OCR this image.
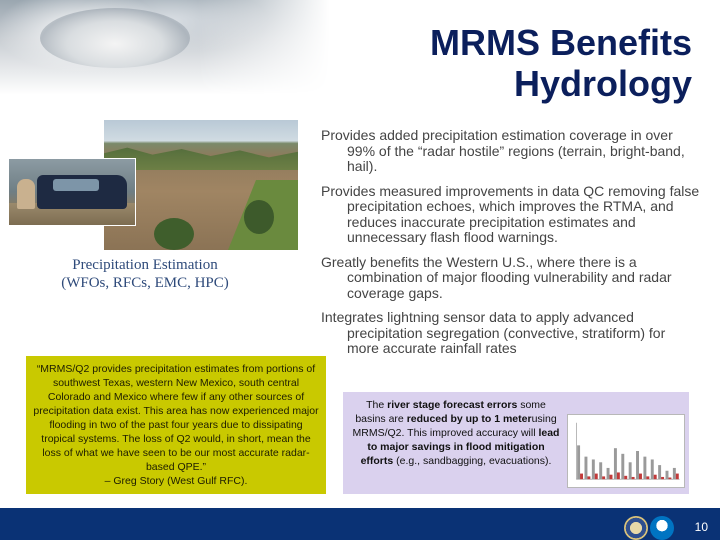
MRMS Benefits
Hydrology
Precipitation Estimation
(WFOs, RFCs, EMC, HPC)
Provides added precipitation estimation coverage in over 99% of the “radar hostile” regions (terrain, bright-band, hail).
Provides measured improvements in data QC removing false precipitation echoes, which improves the RTMA, and reduces inaccurate precipitation estimates and unnecessary flash flood warnings.
Greatly benefits the Western U.S., where there is a combination of major flooding vulnerability and radar coverage gaps.
Integrates lightning sensor data to apply advanced precipitation segregation (convective, stratiform) for more accurate rainfall rates
“MRMS/Q2 provides precipitation estimates from portions of southwest Texas, western New Mexico, south central Colorado and Mexico where few if any other sources of precipitation data exist. This area has now experienced major flooding in two of the past four years due to dissipating tropical systems. The loss of Q2 would, in short, mean the loss of what we have seen to be our most accurate radar-based QPE.”
– Greg Story (West Gulf RFC).
The river stage forecast errors some basins are reduced by up to 1 meterusing MRMS/Q2. This improved accuracy will lead to major savings in flood mitigation efforts (e.g., sandbagging, evacuations).
10
